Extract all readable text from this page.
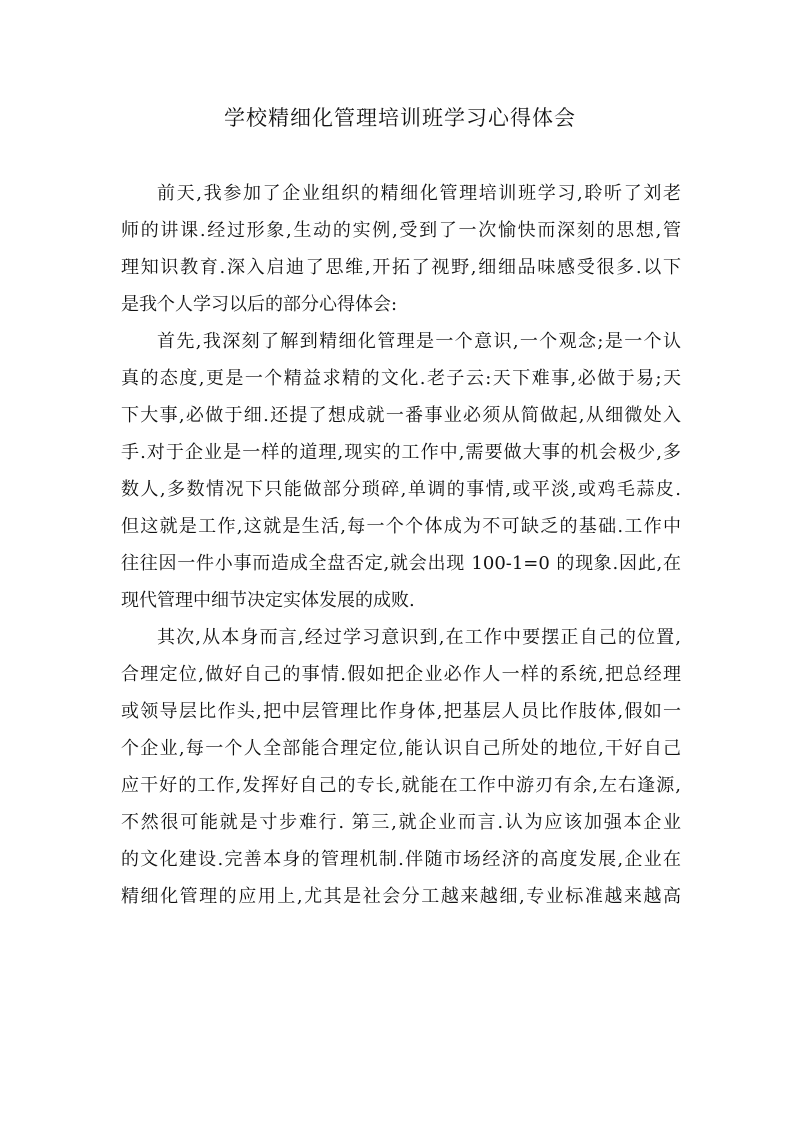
学校精细化管理培训班学习心得体会
前天,我参加了企业组织的精细化管理培训班学习,聆听了刘老
师的讲课.经过形象,生动的实例,受到了一次愉快而深刻的思想,管
理知识教育.深入启迪了思维,开拓了视野,细细品味感受很多.以下
是我个人学习以后的部分心得体会:
首先,我深刻了解到精细化管理是一个意识,一个观念;是一个认
真的态度,更是一个精益求精的文化.老子云:天下难事,必做于易;天
下大事,必做于细.还提了想成就一番事业必须从简做起,从细微处入
手.对于企业是一样的道理,现实的工作中,需要做大事的机会极少,多
数人,多数情况下只能做部分琐碎,单调的事情,或平淡,或鸡毛蒜皮.
但这就是工作,这就是生活,每一个个体成为不可缺乏的基础.工作中
往往因一件小事而造成全盘否定,就会出现 100-1=0 的现象.因此,在
现代管理中细节决定实体发展的成败.
其次,从本身而言,经过学习意识到,在工作中要摆正自己的位置,
合理定位,做好自己的事情.假如把企业必作人一样的系统,把总经理
或领导层比作头,把中层管理比作身体,把基层人员比作肢体,假如一
个企业,每一个人全部能合理定位,能认识自己所处的地位,干好自己
应干好的工作,发挥好自己的专长,就能在工作中游刃有余,左右逢源,
不然很可能就是寸步难行. 第三,就企业而言.认为应该加强本企业
的文化建设.完善本身的管理机制.伴随市场经济的高度发展,企业在
精细化管理的应用上,尤其是社会分工越来越细,专业标准越来越高
